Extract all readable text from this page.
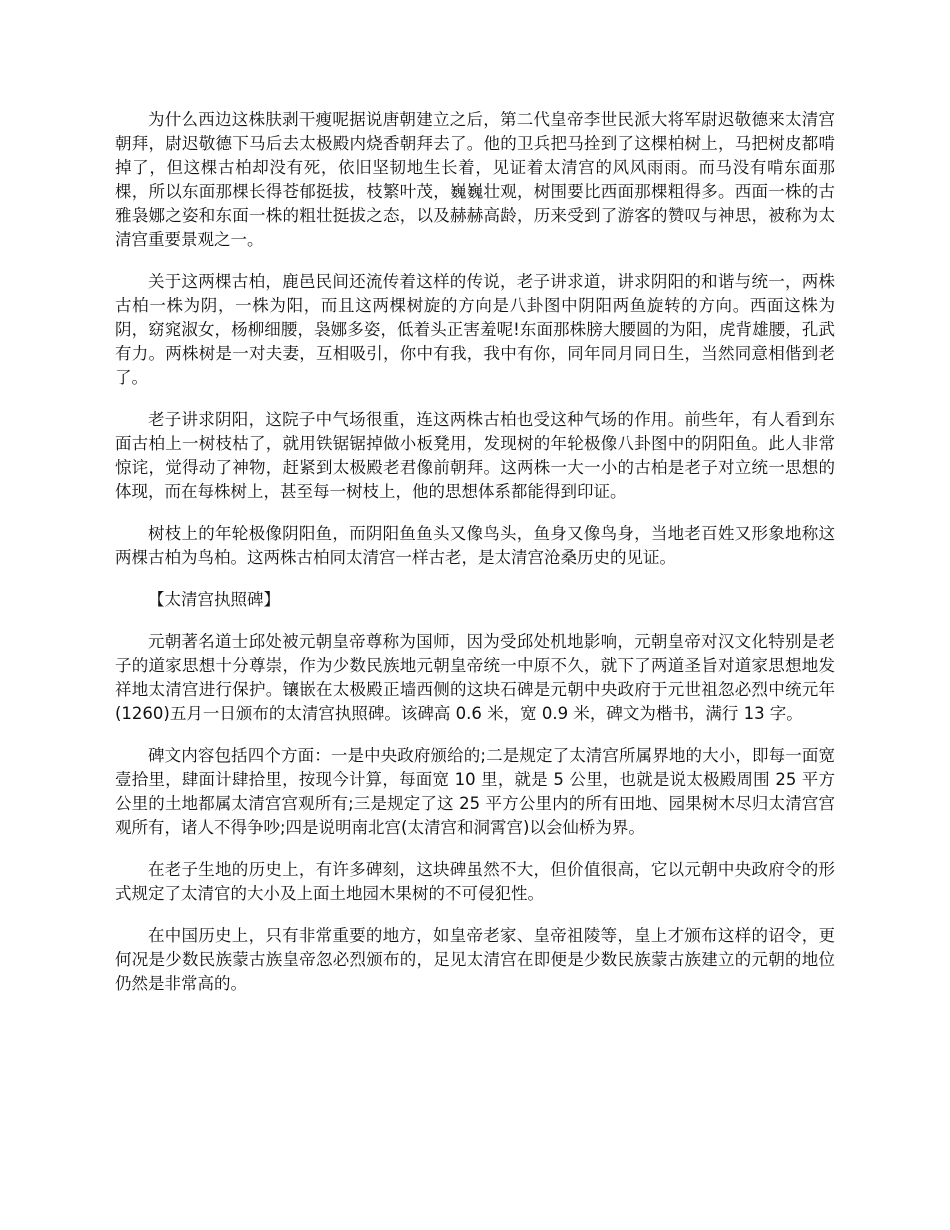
为什么西边这株肤剥干瘦呢据说唐朝建立之后，第二代皇帝李世民派大将军尉迟敬德来太清宫朝拜，尉迟敬德下马后去太极殿内烧香朝拜去了。他的卫兵把马拴到了这棵柏树上，马把树皮都啃掉了，但这棵古柏却没有死，依旧坚韧地生长着，见证着太清宫的风风雨雨。而马没有啃东面那棵，所以东面那棵长得苍郁挺拔，枝繁叶茂，巍巍壮观，树围要比西面那棵粗得多。西面一株的古雅袅娜之姿和东面一株的粗壮挺拔之态，以及赫赫高龄，历来受到了游客的赞叹与神思，被称为太清宫重要景观之一。

关于这两棵古柏，鹿邑民间还流传着这样的传说，老子讲求道，讲求阴阳的和谐与统一，两株古柏一株为阴，一株为阳，而且这两棵树旋的方向是八卦图中阴阳两鱼旋转的方向。西面这株为阴，窈窕淑女，杨柳细腰，袅娜多姿，低着头正害羞呢!东面那株膀大腰圆的为阳，虎背雄腰，孔武有力。两株树是一对夫妻，互相吸引，你中有我，我中有你，同年同月同日生，当然同意相偕到老了。

老子讲求阴阳，这院子中气场很重，连这两株古柏也受这种气场的作用。前些年，有人看到东面古柏上一树枝枯了，就用铁锯锯掉做小板凳用，发现树的年轮极像八卦图中的阴阳鱼。此人非常惊诧，觉得动了神物，赶紧到太极殿老君像前朝拜。这两株一大一小的古柏是老子对立统一思想的体现，而在每株树上，甚至每一树枝上，他的思想体系都能得到印证。

树枝上的年轮极像阴阳鱼，而阴阳鱼鱼头又像鸟头，鱼身又像鸟身，当地老百姓又形象地称这两棵古柏为鸟柏。这两株古柏同太清宫一样古老，是太清宫沧桑历史的见证。

【太清宫执照碑】

元朝著名道士邱处被元朝皇帝尊称为国师，因为受邱处机地影响，元朝皇帝对汉文化特别是老子的道家思想十分尊崇，作为少数民族地元朝皇帝统一中原不久，就下了两道圣旨对道家思想地发祥地太清宫进行保护。镶嵌在太极殿正墙西侧的这块石碑是元朝中央政府于元世祖忽必烈中统元年(1260)五月一日颁布的太清宫执照碑。该碑高 0.6 米，宽 0.9 米，碑文为楷书，满行 13 字。

碑文内容包括四个方面：一是中央政府颁给的;二是规定了太清宫所属界地的大小，即每一面宽壹拾里，肆面计肆拾里，按现今计算，每面宽 10 里，就是 5 公里，也就是说太极殿周围 25 平方公里的土地都属太清宫宫观所有;三是规定了这 25 平方公里内的所有田地、园果树木尽归太清宫宫观所有，诸人不得争吵;四是说明南北宫(太清宫和洞霄宫)以会仙桥为界。

在老子生地的历史上，有许多碑刻，这块碑虽然不大，但价值很高，它以元朝中央政府令的形式规定了太清官的大小及上面土地园木果树的不可侵犯性。

在中国历史上，只有非常重要的地方，如皇帝老家、皇帝祖陵等，皇上才颁布这样的诏令，更何况是少数民族蒙古族皇帝忽必烈颁布的，足见太清宫在即便是少数民族蒙古族建立的元朝的地位仍然是非常高的。
